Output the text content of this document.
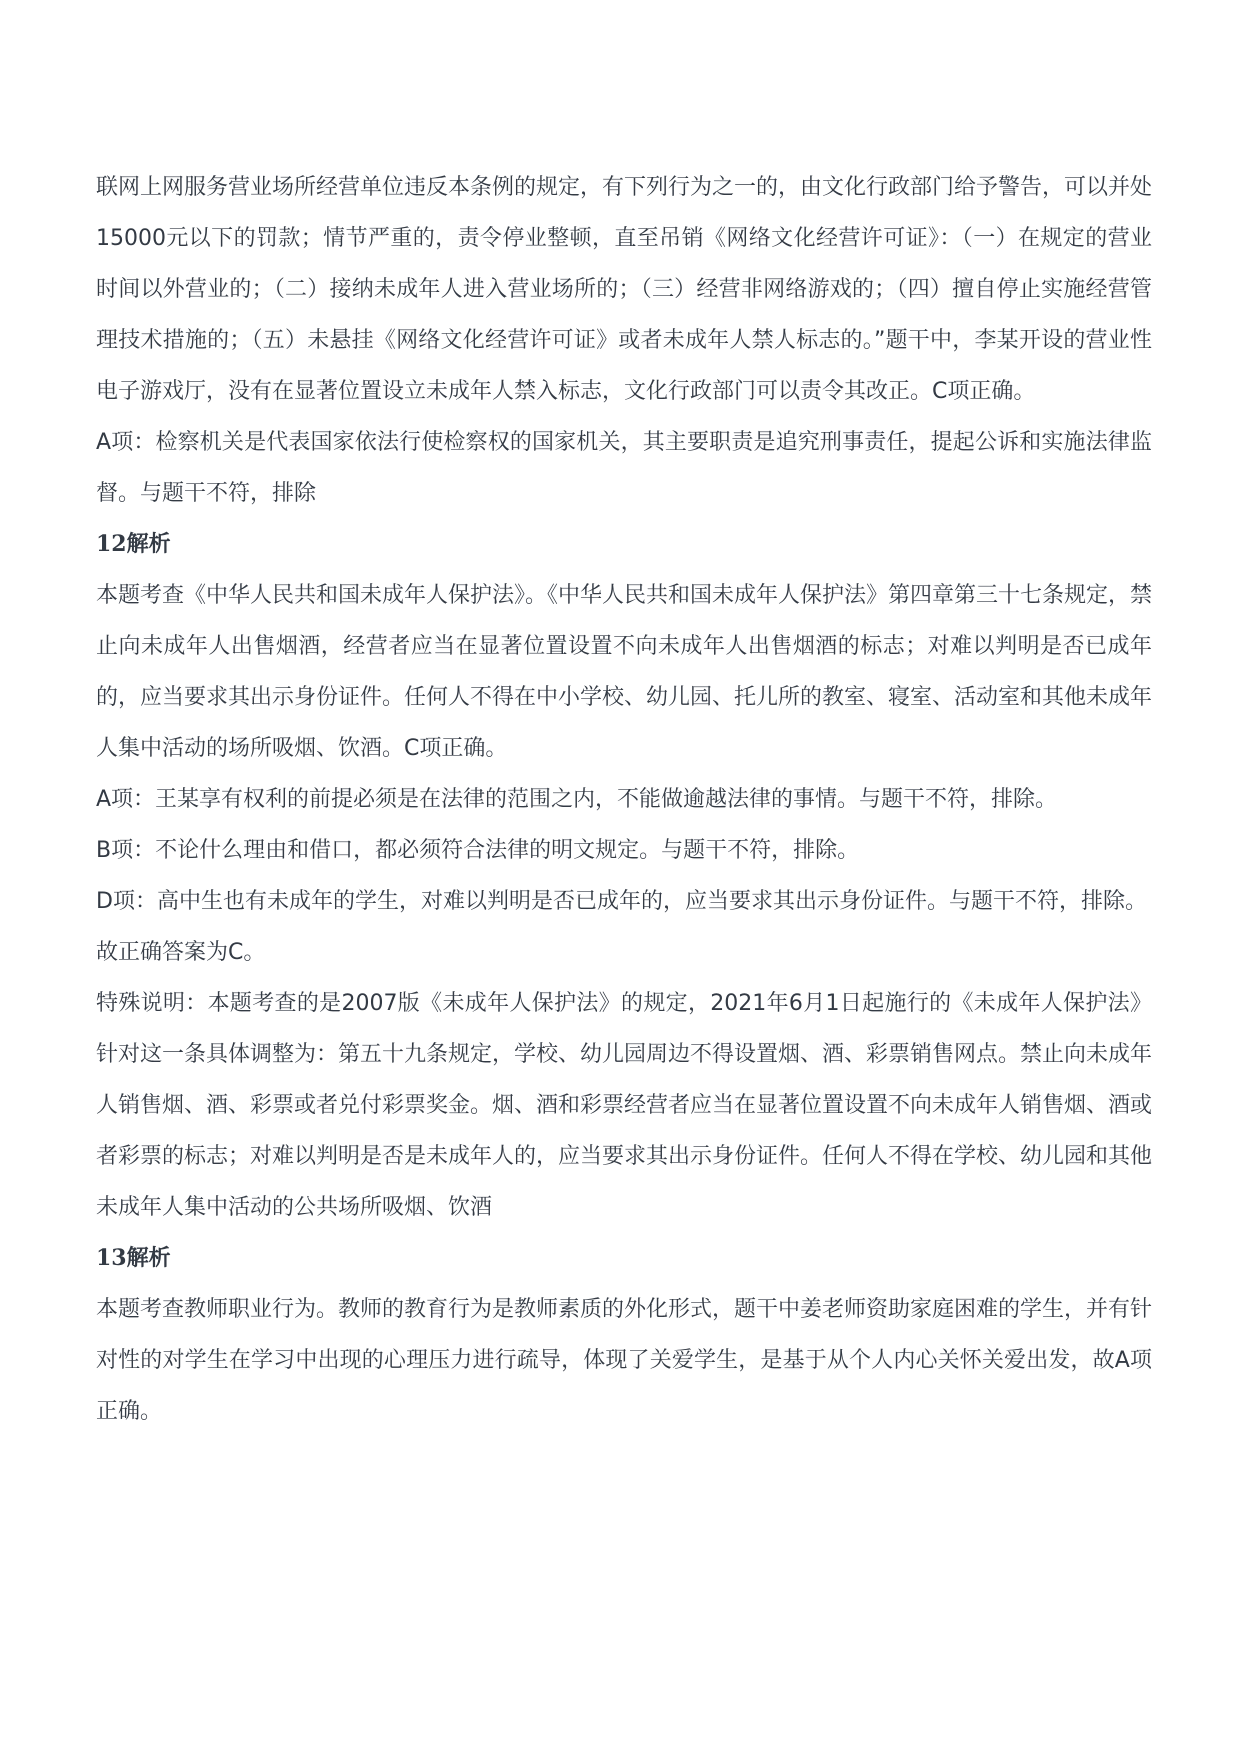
联网上网服务营业场所经营单位违反本条例的规定，有下列行为之一的，由文化行政部门给予警告，可以并处15000元以下的罚款；情节严重的，责令停业整顿，直至吊销《网络文化经营许可证》：（一）在规定的营业时间以外营业的；（二）接纳未成年人进入营业场所的；（三）经营非网络游戏的；（四）擅自停止实施经营管理技术措施的；（五）未悬挂《网络文化经营许可证》或者未成年人禁人标志的。”题干中，李某开设的营业性电子游戏厅，没有在显著位置设立未成年人禁入标志，文化行政部门可以责令其改正。C项正确。

A项：检察机关是代表国家依法行使检察权的国家机关，其主要职责是追究刑事责任，提起公诉和实施法律监督。与题干不符，排除

12解析

本题考查《中华人民共和国未成年人保护法》。《中华人民共和国未成年人保护法》第四章第三十七条规定，禁止向未成年人出售烟酒，经营者应当在显著位置设置不向未成年人出售烟酒的标志；对难以判明是否已成年的，应当要求其出示身份证件。任何人不得在中小学校、幼儿园、托儿所的教室、寝室、活动室和其他未成年人集中活动的场所吸烟、饮酒。C项正确。

A项：王某享有权利的前提必须是在法律的范围之内，不能做逾越法律的事情。与题干不符，排除。

B项：不论什么理由和借口，都必须符合法律的明文规定。与题干不符，排除。

D项：高中生也有未成年的学生，对难以判明是否已成年的，应当要求其出示身份证件。与题干不符，排除。

故正确答案为C。

特殊说明：本题考查的是2007版《未成年人保护法》的规定，2021年6月1日起施行的《未成年人保护法》针对这一条具体调整为：第五十九条规定，学校、幼儿园周边不得设置烟、酒、彩票销售网点。禁止向未成年人销售烟、酒、彩票或者兑付彩票奖金。烟、酒和彩票经营者应当在显著位置设置不向未成年人销售烟、酒或者彩票的标志；对难以判明是否是未成年人的，应当要求其出示身份证件。任何人不得在学校、幼儿园和其他未成年人集中活动的公共场所吸烟、饮酒

13解析

本题考查教师职业行为。教师的教育行为是教师素质的外化形式，题干中姜老师资助家庭困难的学生，并有针对性的对学生在学习中出现的心理压力进行疏导，体现了关爱学生，是基于从个人内心关怀关爱出发，故A项正确。
